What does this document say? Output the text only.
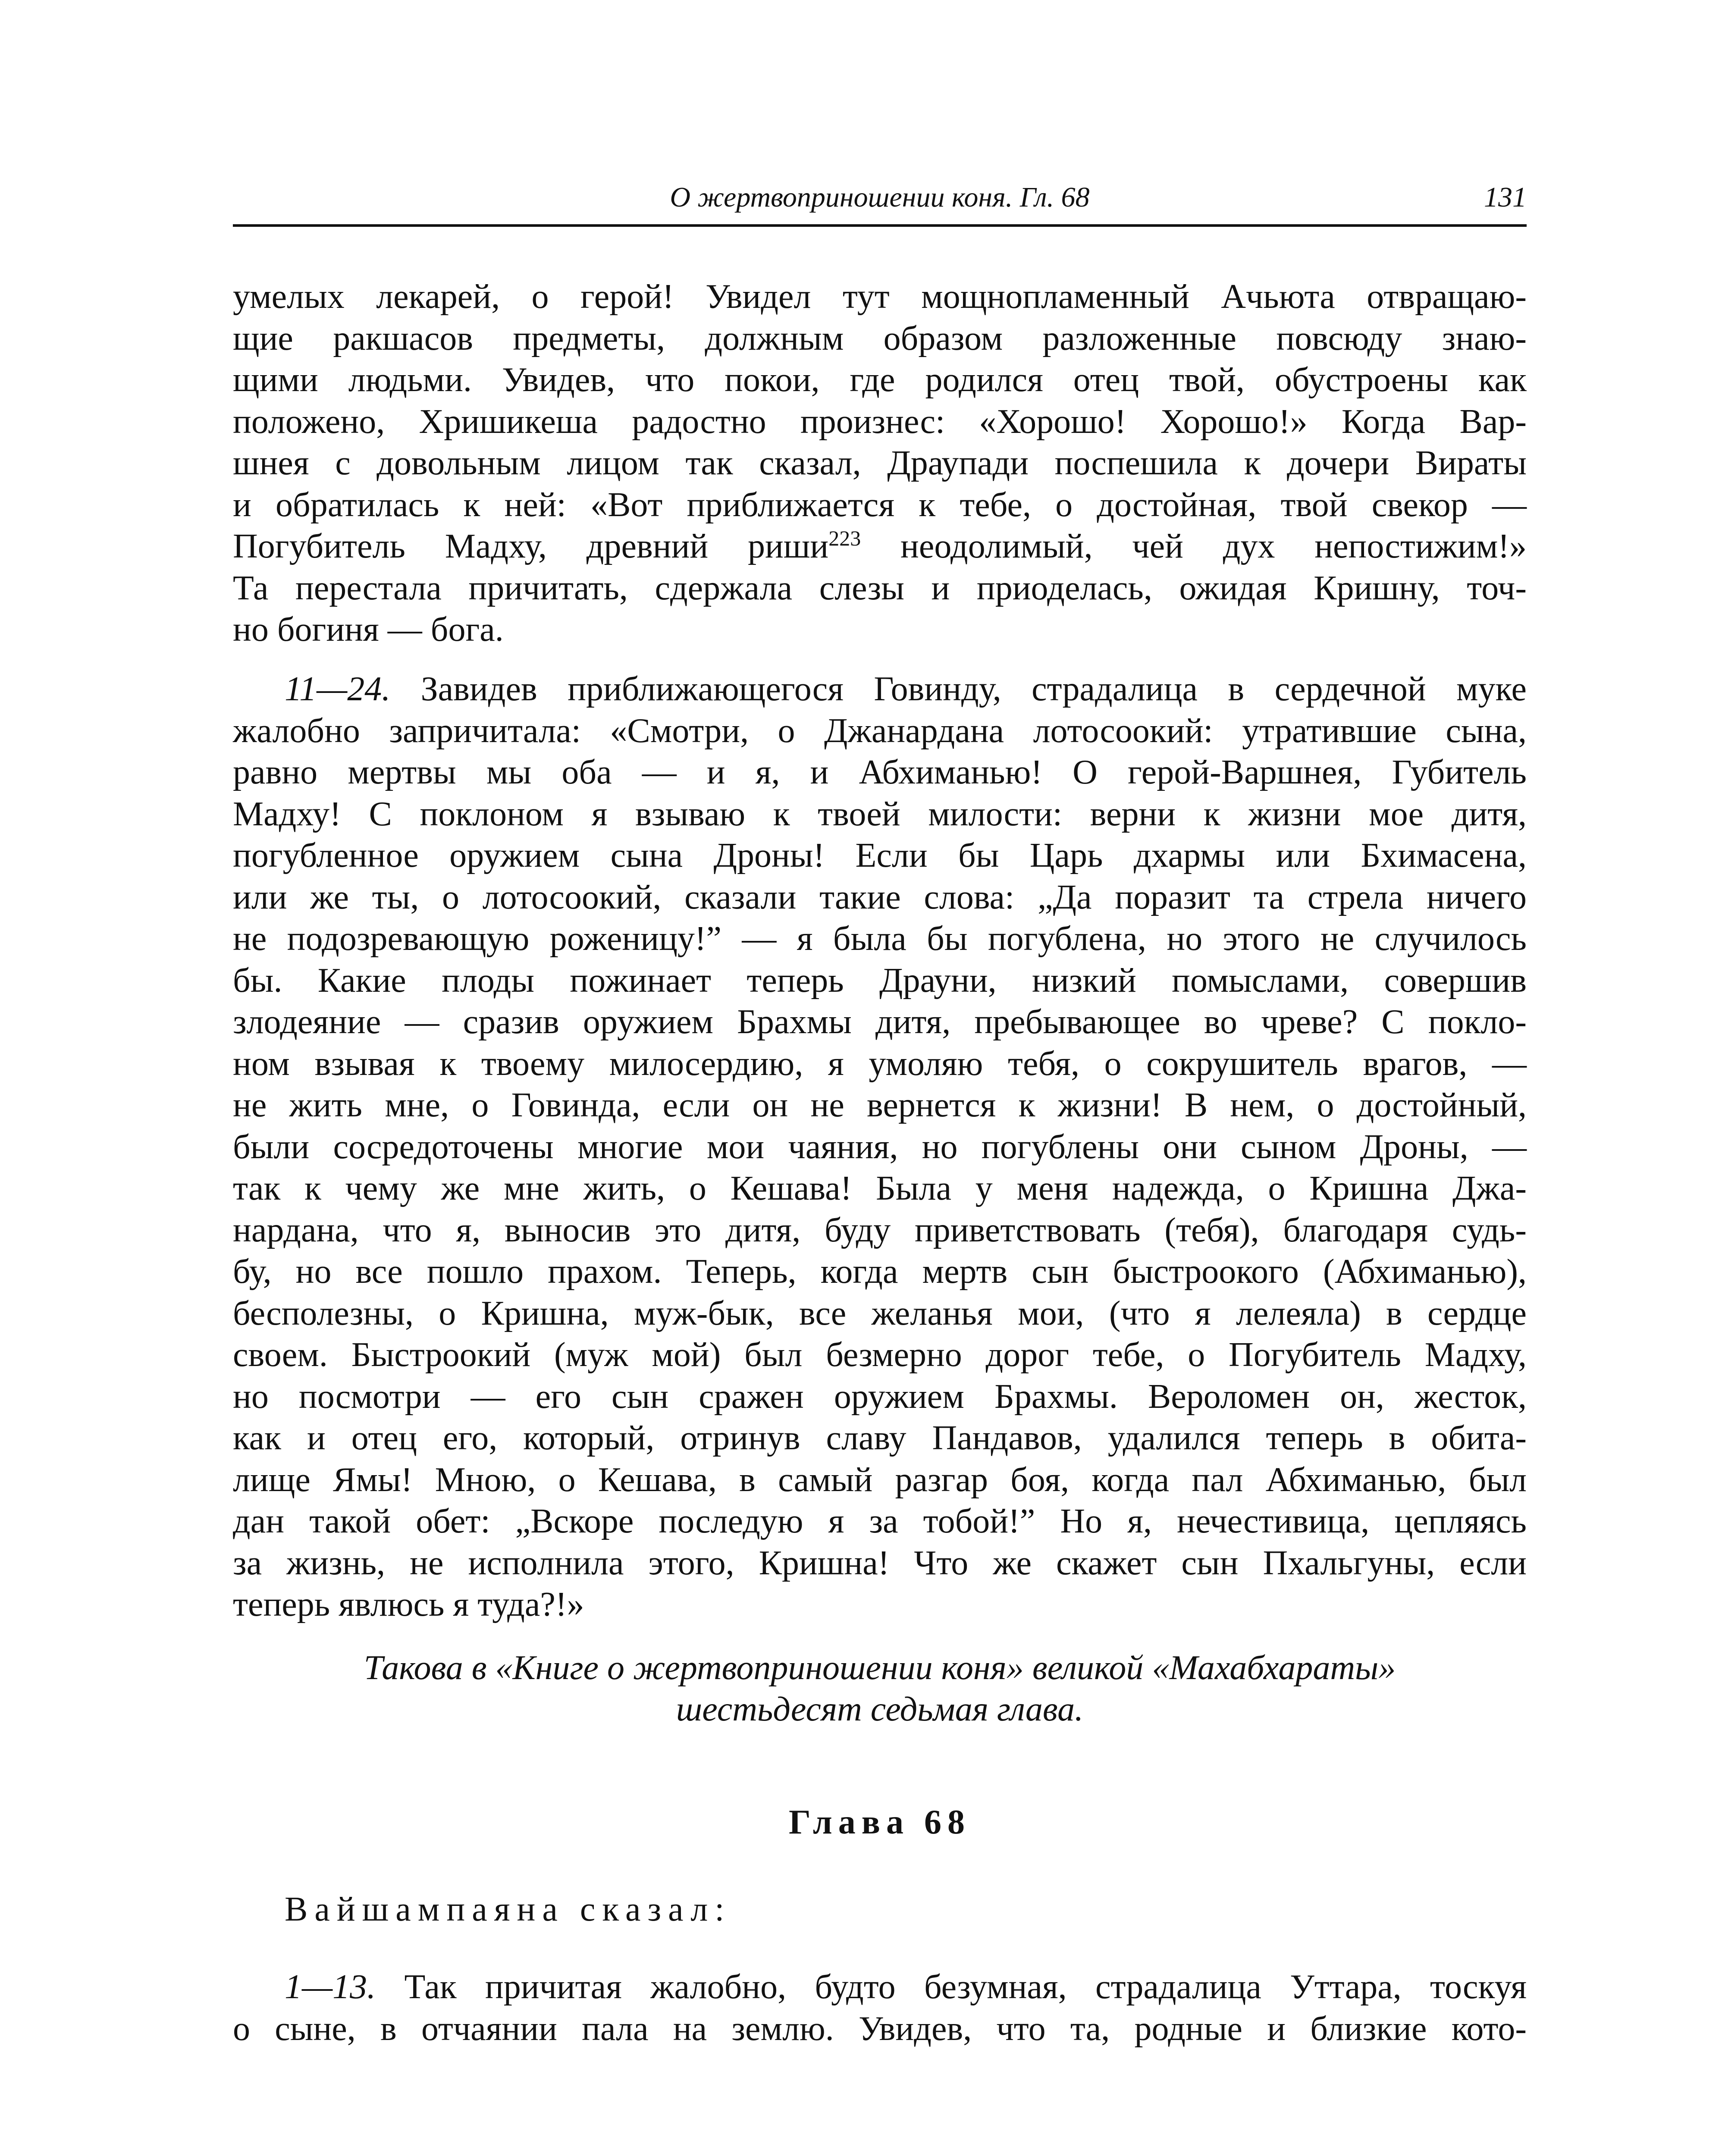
О жертвоприношении коня. Гл. 68	131

умелых лекарей, о герой! Увидел тут мощнопламенный Ачьюта отвращаю-
щие ракшасов предметы, должным образом разложенные повсюду знаю-
щими людьми. Увидев, что покои, где родился отец твой, обустроены как
положено, Хришикеша радостно произнес: «Хорошо! Хорошо!» Когда Вар-
шнея с довольным лицом так сказал, Драупади поспешила к дочери Вираты
и обратилась к ней: «Вот приближается к тебе, о достойная, твой свекор —
Погубитель Мадху, древний риши$^{223}$ неодолимый, чей дух непостижим!»
Та перестала причитать, сдержала слезы и приоделась, ожидая Кришну, точ-
но богиня — бога.

11—24. Завидев приближающегося Говинду, страдалица в сердечной муке
жалобно запричитала: «Смотри, о Джанардана лотосоокий: утратившие сына,
равно мертвы мы оба — и я, и Абхиманью! О герой-Варшнея, Губитель
Мадху! С поклоном я взываю к твоей милости: верни к жизни мое дитя,
погубленное оружием сына Дроны! Если бы Царь дхармы или Бхимасена,
или же ты, о лотосоокий, сказали такие слова: „Да поразит та стрела ничего
не подозревающую роженицу!” — я была бы погублена, но этого не случилось
бы. Какие плоды пожинает теперь Драуни, низкий помыслами, совершив
злодеяние — сразив оружием Брахмы дитя, пребывающее во чреве? С покло-
ном взывая к твоему милосердию, я умоляю тебя, о сокрушитель врагов, —
не жить мне, о Говинда, если он не вернется к жизни! В нем, о достойный,
были сосредоточены многие мои чаяния, но погублены они сыном Дроны, —
так к чему же мне жить, о Кешава! Была у меня надежда, о Кришна Джа-
нардана, что я, выносив это дитя, буду приветствовать (тебя), благодаря судь-
бу, но все пошло прахом. Теперь, когда мертв сын быстроокого (Абхиманью),
бесполезны, о Кришна, муж-бык, все желанья мои, (что я лелеяла) в сердце
своем. Быстроокий (муж мой) был безмерно дорог тебе, о Погубитель Мадху,
но посмотри — его сын сражен оружием Брахмы. Вероломен он, жесток,
как и отец его, который, отринув славу Пандавов, удалился теперь в обита-
лище Ямы! Мною, о Кешава, в самый разгар боя, когда пал Абхиманью, был
дан такой обет: „Вскоре последую я за тобой!” Но я, нечестивица, цепляясь
за жизнь, не исполнила этого, Кришна! Что же скажет сын Пхальгуны, если
теперь явлюсь я туда?!»

Такова в «Книге о жертвоприношении коня» великой «Махабхараты»
шестьдесят седьмая глава.
Глава 68

Вайшампаяна сказал:

1—13. Так причитая жалобно, будто безумная, страдалица Уттара, тоскуя
о сыне, в отчаянии пала на землю. Увидев, что та, родные и близкие кото-
